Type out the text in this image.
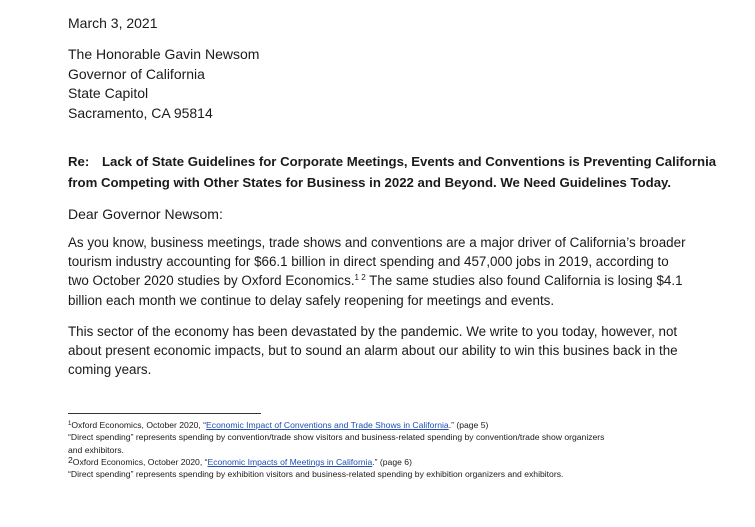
March 3, 2021
The Honorable Gavin Newsom
Governor of California
State Capitol
Sacramento, CA 95814
Re: Lack of State Guidelines for Corporate Meetings, Events and Conventions is Preventing California
from Competing with Other States for Business in 2022 and Beyond. We Need Guidelines Today.
Dear Governor Newsom:
As you know, business meetings, trade shows and conventions are a major driver of California’s broader
tourism industry accounting for $66.1 billion in direct spending and 457,000 jobs in 2019, according to
two October 2020 studies by Oxford Economics.$^{1 2}$ The same studies also found California is losing $4.1
billion each month we continue to delay safely reopening for meetings and events.
This sector of the economy has been devastated by the pandemic. We write to you today, however, not
about present economic impacts, but to sound an alarm about our ability to win this busines back in the
coming years.
$^1$Oxford Economics, October 2020, “Economic Impact of Conventions and Trade Shows in California.” (page 5)
“Direct spending” represents spending by convention/trade show visitors and business-related spending by convention/trade show organizers
and exhibitors.
$^2$Oxford Economics, October 2020, “Economic Impacts of Meetings in California.” (page 6)
“Direct spending” represents spending by exhibition visitors and business-related spending by exhibition organizers and exhibitors.
